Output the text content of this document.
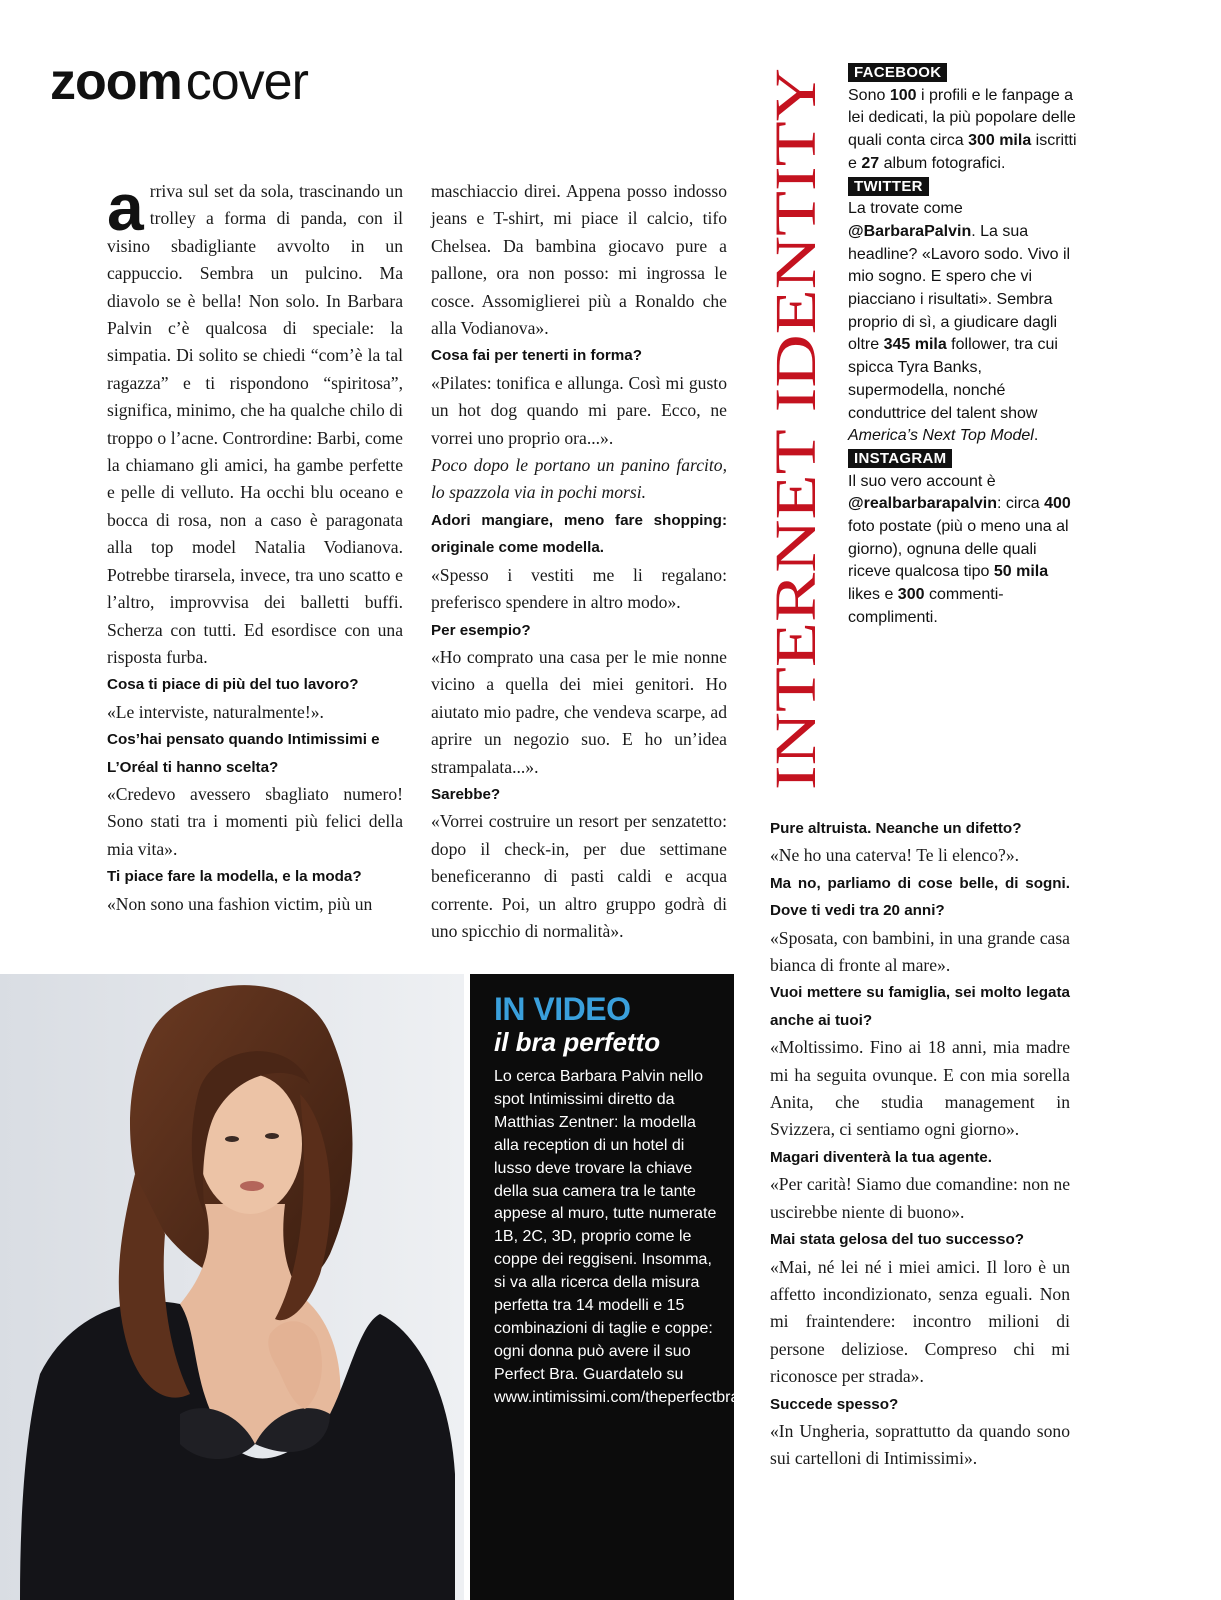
zoom cover

arriva sul set da sola, trascinando un trolley a forma di panda, con il visino sbadigliante avvolto in un cappuccio. Sembra un pulcino. Ma diavolo se è bella! Non solo. In Barbara Palvin c’è qualcosa di speciale: la simpatia. Di solito se chiedi “com’è la tal ragazza” e ti rispondono “spiritosa”, significa, minimo, che ha qualche chilo di troppo o l’acne. Contrordine: Barbi, come la chiamano gli amici, ha gambe perfette e pelle di velluto. Ha occhi blu oceano e bocca di rosa, non a caso è paragonata alla top model Natalia Vodianova. Potrebbe tirarsela, invece, tra uno scatto e l’altro, improvvisa dei balletti buffi. Scherza con tutti. Ed esordisce con una risposta furba.

Cosa ti piace di più del tuo lavoro?

«Le interviste, naturalmente!».

Cos’hai pensato quando Intimissimi e L’Oréal ti hanno scelta?

«Credevo avessero sbagliato numero! Sono stati tra i momenti più felici della mia vita».

Ti piace fare la modella, e la moda?

«Non sono una fashion victim, più un

maschiaccio direi. Appena posso indosso jeans e T-shirt, mi piace il calcio, tifo Chelsea. Da bambina giocavo pure a pallone, ora non posso: mi ingrossa le cosce. Assomiglierei più a Ronaldo che alla Vodianova».

Cosa fai per tenerti in forma?

«Pilates: tonifica e allunga. Così mi gusto un hot dog quando mi pare. Ecco, ne vorrei uno proprio ora...».

Poco dopo le portano un panino farcito, lo spazzola via in pochi morsi.

Adori mangiare, meno fare shopping: originale come modella.

«Spesso i vestiti me li regalano: preferisco spendere in altro modo».

Per esempio?

«Ho comprato una casa per le mie nonne vicino a quella dei miei genitori. Ho aiutato mio padre, che vendeva scarpe, ad aprire un negozio suo. E ho un’idea strampalata...».

Sarebbe?

«Vorrei costruire un resort per senzatetto: dopo il check-in, per due settimane beneficeranno di pasti caldi e acqua corrente. Poi, un altro gruppo godrà di uno spicchio di normalità».

INTERNET IDENTITY
FACEBOOK

Sono 100 i profili e le fanpage a lei dedicati, la più popolare delle quali conta circa 300 mila iscritti e 27 album fotografici.

TWITTER

La trovate come @BarbaraPalvin. La sua headline? «Lavoro sodo. Vivo il mio sogno. E spero che vi piacciano i risultati». Sembra proprio di sì, a giudicare dagli oltre 345 mila follower, tra cui spicca Tyra Banks, supermodella, nonché conduttrice del talent show America’s Next Top Model.

INSTAGRAM

Il suo vero account è @realbarbarapalvin: circa 400 foto postate (più o meno una al giorno), ognuna delle quali riceve qualcosa tipo 50 mila likes e 300 commenti-complimenti.

Pure altruista. Neanche un difetto?

«Ne ho una caterva! Te li elenco?».

Ma no, parliamo di cose belle, di sogni. Dove ti vedi tra 20 anni?

«Sposata, con bambini, in una grande casa bianca di fronte al mare».

Vuoi mettere su famiglia, sei molto legata anche ai tuoi?

«Moltissimo. Fino ai 18 anni, mia madre mi ha seguita ovunque. E con mia sorella Anita, che studia management in Svizzera, ci sentiamo ogni giorno».

Magari diventerà la tua agente.

«Per carità! Siamo due comandine: non ne uscirebbe niente di buono».

Mai stata gelosa del tuo successo?

«Mai, né lei né i miei amici. Il loro è un affetto incondizionato, senza eguali. Non mi fraintendere: incontro milioni di persone deliziose. Compreso chi mi riconosce per strada».

Succede spesso?

«In Ungheria, soprattutto da quando sono sui cartelloni di Intimissimi».

IN VIDEO
il bra perfetto

Lo cerca Barbara Palvin nello spot Intimissimi diretto da Matthias Zentner: la modella alla reception di un hotel di lusso deve trovare la chiave della sua camera tra le tante appese al muro, tutte numerate 1B, 2C, 3D, proprio come le coppe dei reggiseni. Insomma, si va alla ricerca della misura perfetta tra 14 modelli e 15 combinazioni di taglie e coppe: ogni donna può avere il suo Perfect Bra. Guardatelo su www.intimissimi.com/theperfectbra
